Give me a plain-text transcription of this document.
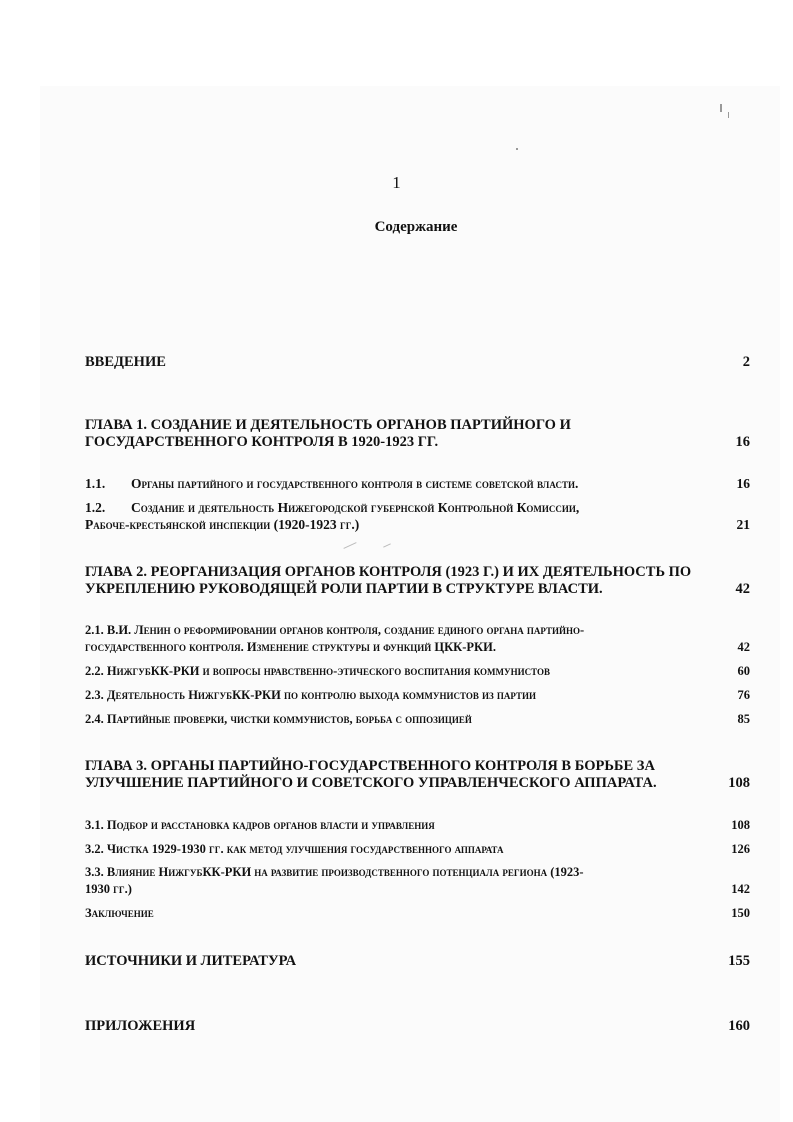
1
Содержание
ВВЕДЕНИЕ	2
ГЛАВА 1. СОЗДАНИЕ И ДЕЯТЕЛЬНОСТЬ ОРГАНОВ ПАРТИЙНОГО И
ГОСУДАРСТВЕННОГО КОНТРОЛЯ В 1920-1923 ГГ.	16
1.1. Органы партийного и государственного контроля в системе советской власти.	16
1.2. Создание и деятельность Нижегородской губернской Контрольной Комиссии,
Рабоче-крестьянской инспекции (1920-1923 гг.)	21
ГЛАВА 2. РЕОРГАНИЗАЦИЯ ОРГАНОВ КОНТРОЛЯ (1923 Г.) И ИХ ДЕЯТЕЛЬНОСТЬ ПО
УКРЕПЛЕНИЮ РУКОВОДЯЩЕЙ РОЛИ ПАРТИИ В СТРУКТУРЕ ВЛАСТИ.	42
2.1. В.И. Ленин о реформировании органов контроля, создание единого органа партийно-
государственного контроля. Изменение структуры и функций ЦКК-РКИ.	42
2.2. НижгубКК-РКИ и вопросы нравственно-этического воспитания коммунистов	60
2.3. Деятельность НижгубКК-РКИ по контролю выхода коммунистов из партии	76
2.4. Партийные проверки, чистки коммунистов, борьба с оппозицией	85
ГЛАВА 3. ОРГАНЫ ПАРТИЙНО-ГОСУДАРСТВЕННОГО КОНТРОЛЯ В БОРЬБЕ ЗА
УЛУЧШЕНИЕ ПАРТИЙНОГО И СОВЕТСКОГО УПРАВЛЕНЧЕСКОГО АППАРАТА.	108
3.1. Подбор и расстановка кадров органов власти и управления	108
3.2. Чистка 1929-1930 гг. как метод улучшения государственного аппарата	126
3.3. Влияние НижгубКК-РКИ на развитие производственного потенциала региона (1923-
1930 гг.)	142
Заключение	150
ИСТОЧНИКИ И ЛИТЕРАТУРА	155
ПРИЛОЖЕНИЯ	160
